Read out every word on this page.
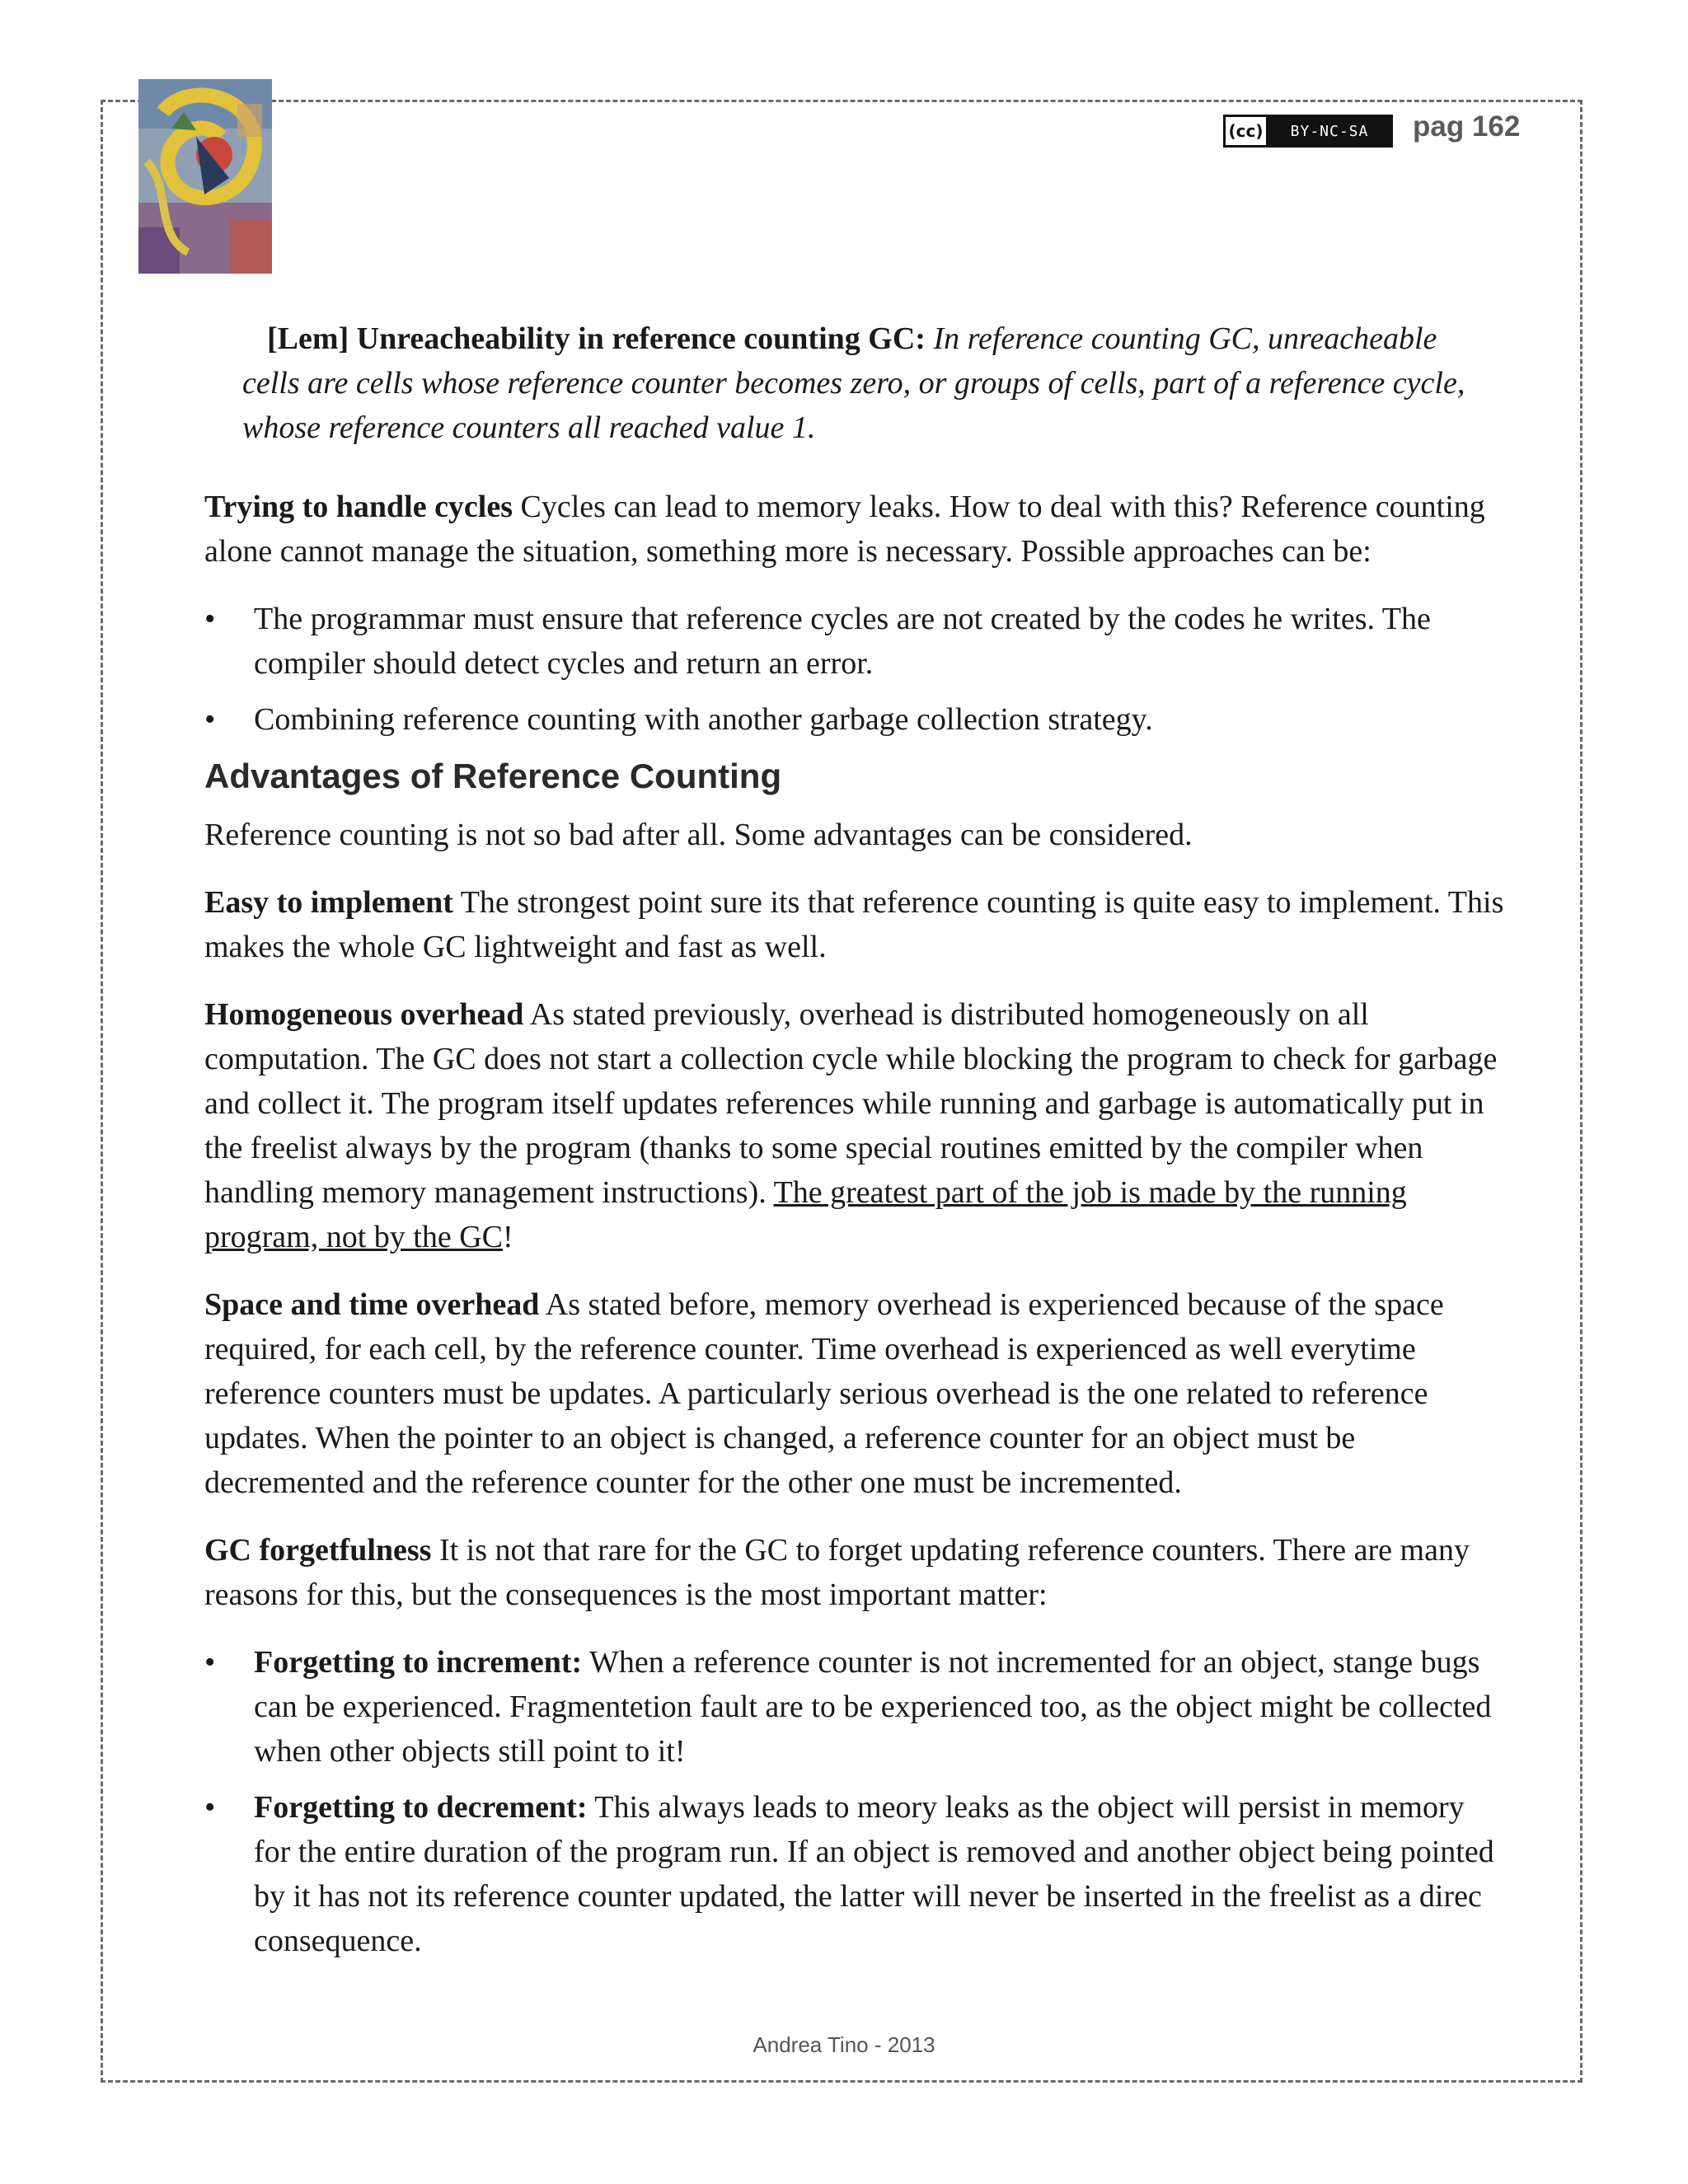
(cc)	BY-NC-SA	pag 162
[Lem] Unreacheability in reference counting GC: In reference counting GC, unreacheable cells are cells whose reference counter becomes zero, or groups of cells, part of a reference cycle, whose reference counters all reached value 1.

Trying to handle cycles Cycles can lead to memory leaks. How to deal with this? Reference counting alone cannot manage the situation, something more is necessary. Possible approaches can be:

• The programmar must ensure that reference cycles are not created by the codes he writes. The compiler should detect cycles and return an error.
• Combining reference counting with another garbage collection strategy.
Advantages of Reference Counting

Reference counting is not so bad after all. Some advantages can be considered.

Easy to implement The strongest point sure its that reference counting is quite easy to implement. This makes the whole GC lightweight and fast as well.

Homogeneous overhead As stated previously, overhead is distributed homogeneously on all computation. The GC does not start a collection cycle while blocking the program to check for garbage and collect it. The program itself updates references while running and garbage is automatically put in the freelist always by the program (thanks to some special routines emitted by the compiler when handling memory management instructions). The greatest part of the job is made by the running program, not by the GC!

Space and time overhead As stated before, memory overhead is experienced because of the space required, for each cell, by the reference counter. Time overhead is experienced as well everytime reference counters must be updates. A particularly serious overhead is the one related to reference updates. When the pointer to an object is changed, a reference counter for an object must be decremented and the reference counter for the other one must be incremented.

GC forgetfulness It is not that rare for the GC to forget updating reference counters. There are many reasons for this, but the consequences is the most important matter:

• Forgetting to increment: When a reference counter is not incremented for an object, stange bugs can be experienced. Fragmentetion fault are to be experienced too, as the object might be collected when other objects still point to it!
• Forgetting to decrement: This always leads to meory leaks as the object will persist in memory for the entire duration of the program run. If an object is removed and another object being pointed by it has not its reference counter updated, the latter will never be inserted in the freelist as a direc consequence.
Andrea Tino - 2013
